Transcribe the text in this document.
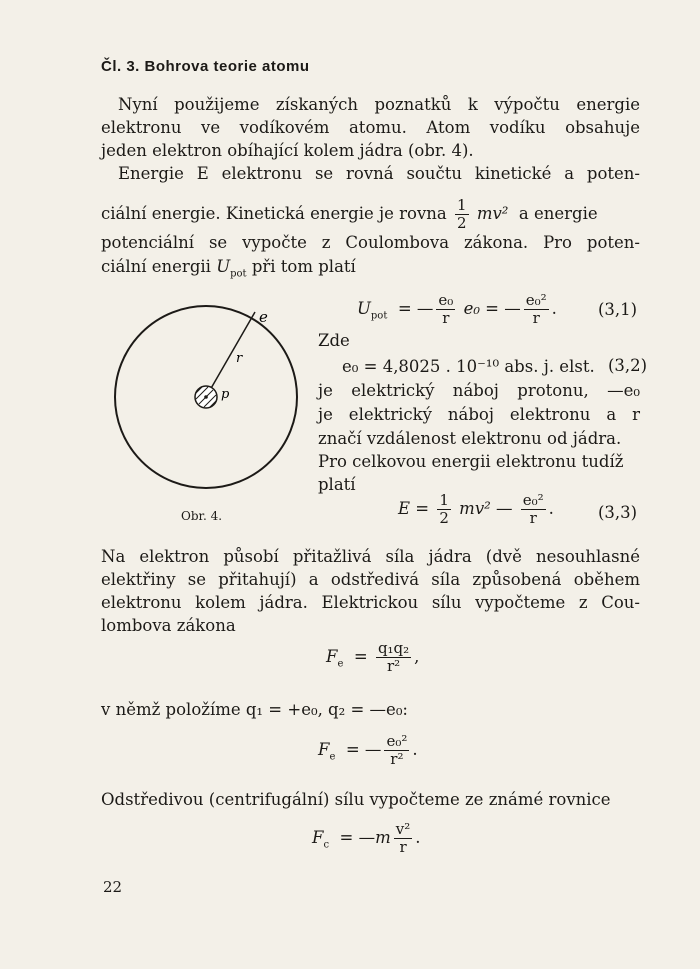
Čl. 3. Bohrova teorie atomu
Nyní použijeme získaných poznatků k výpočtu energie
elektronu ve vodíkovém atomu. Atom vodíku obsahuje
jeden elektron obíhající kolem jádra (obr. 4).
Energie E elektronu se rovná součtu kinetické a poten-
ciální energie. Kinetická energie je rovna $\frac{1}{2} mv^2$ a energie
potenciální se vypočte z Coulombova zákona. Pro poten-
ciální energii $U_{pot}$ při tom platí
e
r
p
Obr. 4.
$U_{pot}$  = — $\frac{\text{e₀}}{r} e_0$ = — $\frac{\text{e₀²}}{r}$ . (3,1)
Zde
e₀ = 4,8025 . 10⁻¹⁰ abs. j. elst. (3,2)
je elektrický náboj protonu, —e₀
je elektrický náboj elektronu a r
značí vzdálenost elektronu od jádra.
Pro celkovou energii elektronu tudíž
platí
$E = \frac{1}{2} mv^2$ — $\frac{\text{e₀²}}{r}$ .	(3,3)
Na elektron působí přitažlivá síla jádra (dvě nesouhlasné
elektřiny se přitahují) a odstředivá síla způsobená oběhem
elektronu kolem jádra. Elektrickou sílu vypočteme z Cou-
lombova zákona
$F_e = \frac{\text{q₁q₂}}{\text{r²}}$ ,
v němž položíme q₁ = +e₀, q₂ = —e₀:
$F_e$  = — $\frac{\text{e₀²}}{\text{r²}}$ .
Odstředivou (centrifugální) sílu vypočteme ze známé rovnice
$F_c$  = —m $\frac{\text{v²}}{r}$ .
22
